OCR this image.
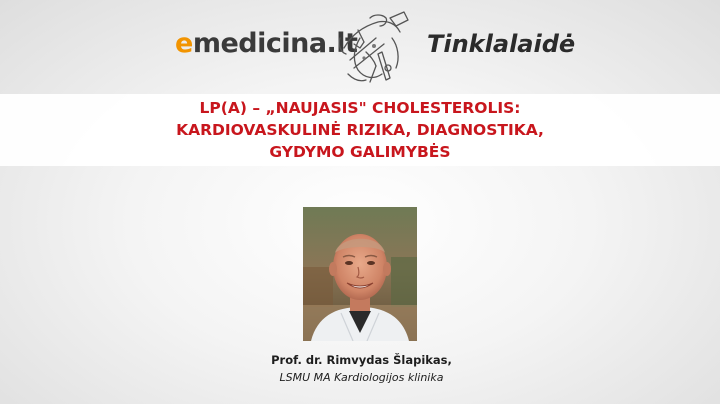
emedicina.lt	Tinklalaidė
LP(A) – „NAUJASIS" CHOLESTEROLIS:
KARDIOVASKULINĖ RIZIKA, DIAGNOSTIKA,
GYDYMO GALIMYBĖS
Prof. dr. Rimvydas Šlapikas,
LSMU MA Kardiologijos klinika
